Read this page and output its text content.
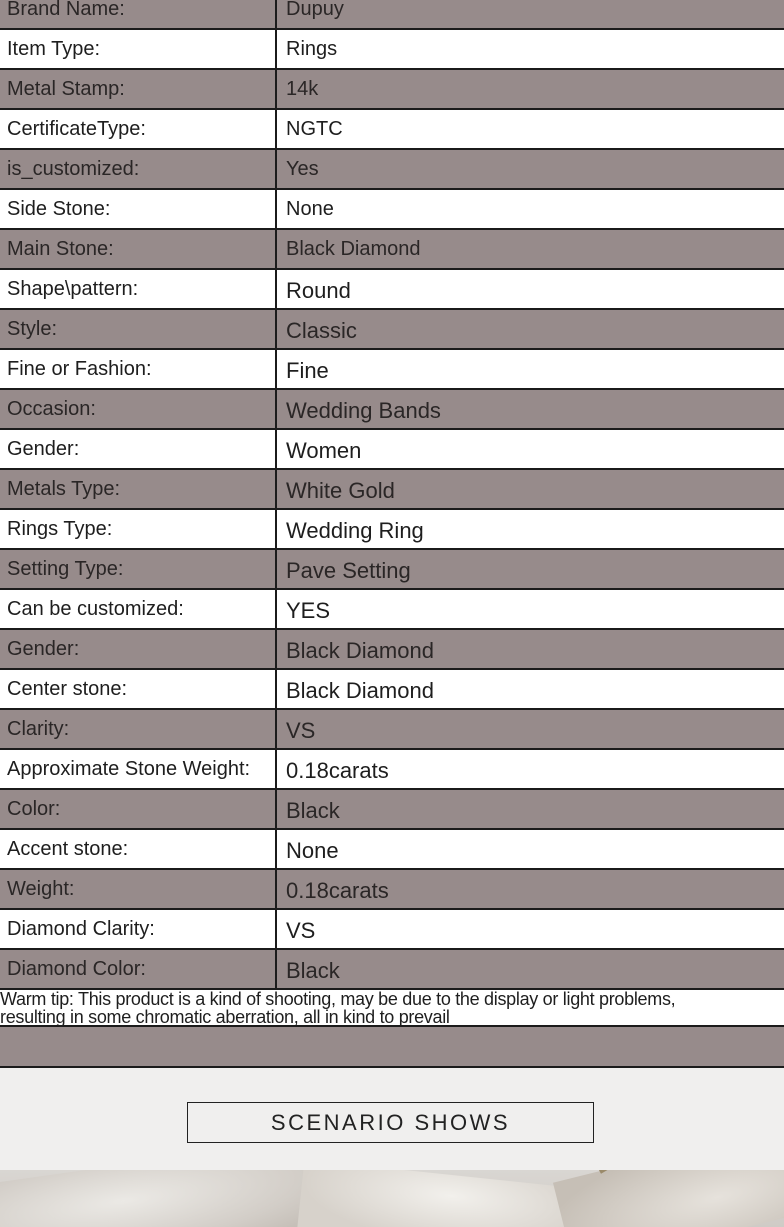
Brand Name:	Dupuy
Item Type:	Rings
Metal Stamp:	14k
CertificateType:	NGTC
is_customized:	Yes
Side Stone:	None
Main Stone:	Black Diamond
Shape\pattern:	Round
Style:	Classic
Fine or Fashion:	Fine
Occasion:	Wedding Bands
Gender:	Women
Metals Type:	White Gold
Rings Type:	Wedding Ring
Setting Type:	Pave Setting
Can be customized:	YES
Gender:	Black Diamond
Center stone:	Black Diamond
Clarity:	VS
Approximate Stone Weight:	0.18carats
Color:	Black
Accent stone:	None
Weight:	0.18carats
Diamond Clarity:	VS
Diamond Color:	Black
Warm tip: This product is a kind of shooting, may be due to the display or light problems,
resulting in some chromatic aberration, all in kind to prevail
SCENARIO SHOWS
